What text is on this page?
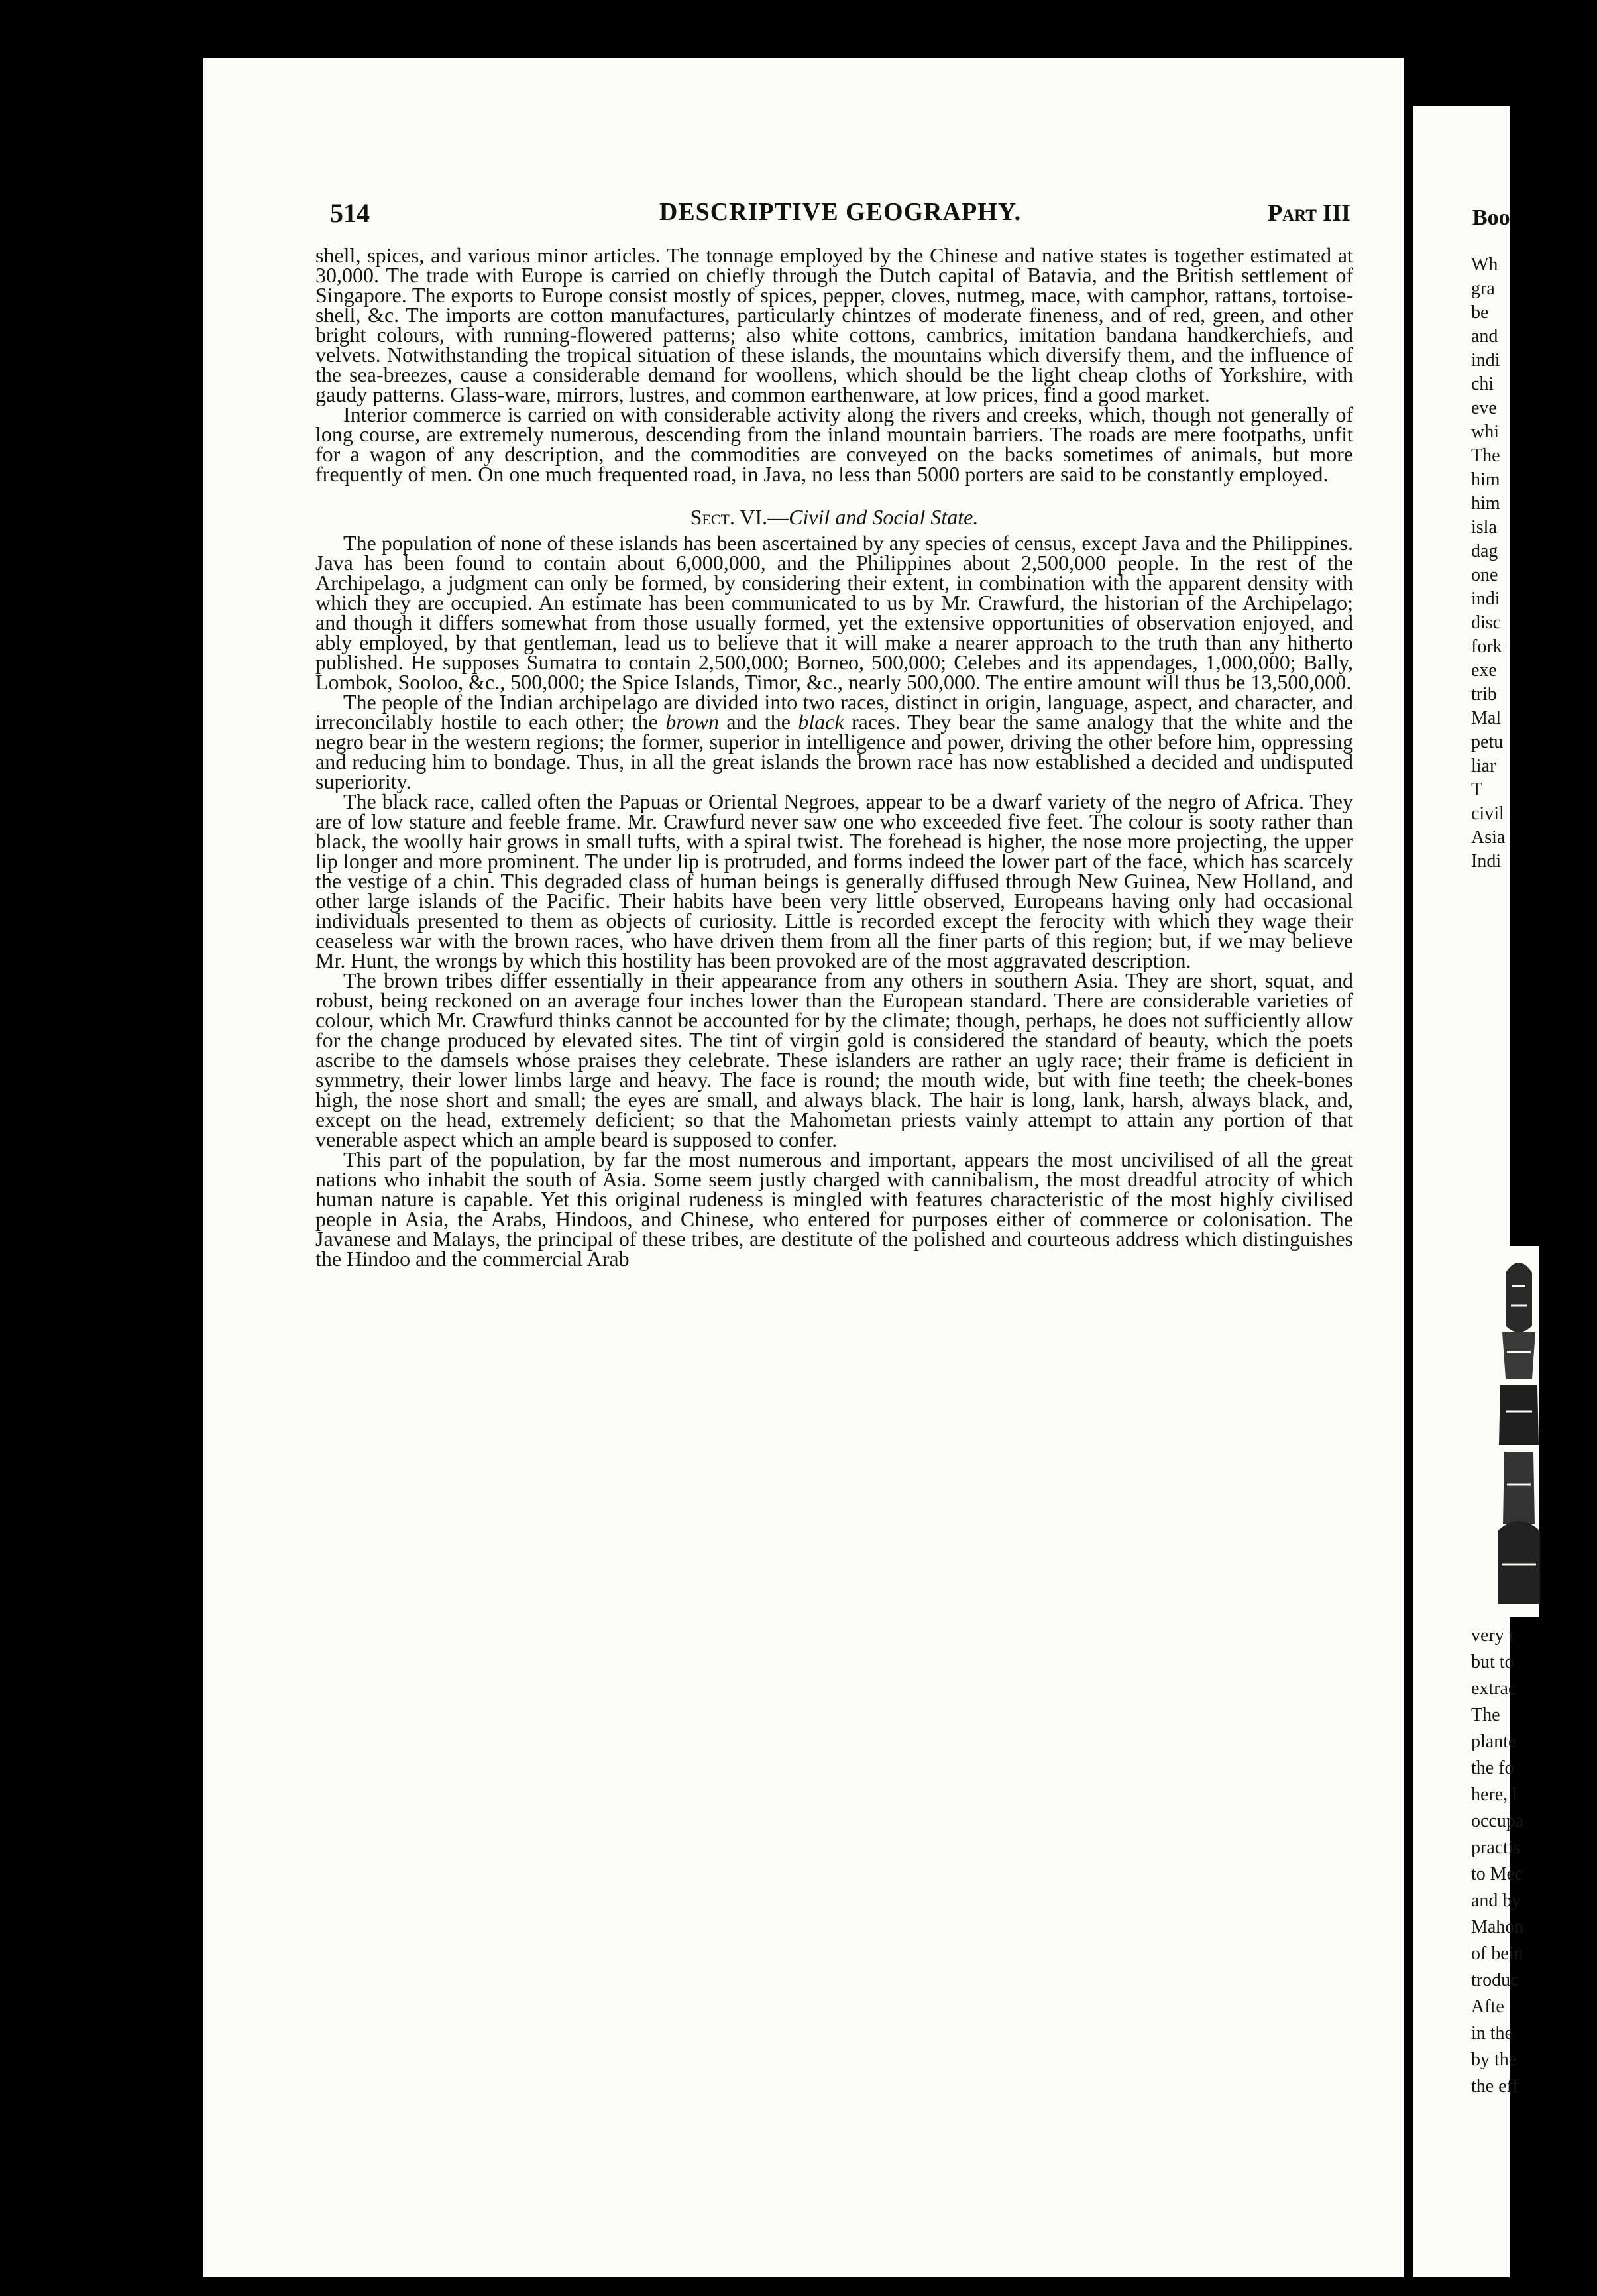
514	DESCRIPTIVE GEOGRAPHY.	Part III

shell, spices, and various minor articles. The tonnage employed by the Chinese and native states is together estimated at 30,000. The trade with Europe is carried on chiefly through the Dutch capital of Batavia, and the British settlement of Singapore. The exports to Europe consist mostly of spices, pepper, cloves, nutmeg, mace, with camphor, rattans, tortoise-shell, &c. The imports are cotton manufactures, particularly chintzes of moderate fineness, and of red, green, and other bright colours, with running-flowered patterns; also white cottons, cambrics, imitation bandana handkerchiefs, and velvets. Notwithstanding the tropical situation of these islands, the mountains which diversify them, and the influence of the sea-breezes, cause a considerable demand for woollens, which should be the light cheap cloths of Yorkshire, with gaudy patterns. Glass-ware, mirrors, lustres, and common earthenware, at low prices, find a good market.

Interior commerce is carried on with considerable activity along the rivers and creeks, which, though not generally of long course, are extremely numerous, descending from the inland mountain barriers. The roads are mere footpaths, unfit for a wagon of any description, and the commodities are conveyed on the backs sometimes of animals, but more frequently of men. On one much frequented road, in Java, no less than 5000 porters are said to be constantly employed.

Sect. VI.—Civil and Social State.

The population of none of these islands has been ascertained by any species of census, except Java and the Philippines. Java has been found to contain about 6,000,000, and the Philippines about 2,500,000 people. In the rest of the Archipelago, a judgment can only be formed, by considering their extent, in combination with the apparent density with which they are occupied. An estimate has been communicated to us by Mr. Crawfurd, the historian of the Archipelago; and though it differs somewhat from those usually formed, yet the extensive opportunities of observation enjoyed, and ably employed, by that gentleman, lead us to believe that it will make a nearer approach to the truth than any hitherto published. He supposes Sumatra to contain 2,500,000; Borneo, 500,000; Celebes and its appendages, 1,000,000; Bally, Lombok, Sooloo, &c., 500,000; the Spice Islands, Timor, &c., nearly 500,000. The entire amount will thus be 13,500,000.

The people of the Indian archipelago are divided into two races, distinct in origin, language, aspect, and character, and irreconcilably hostile to each other; the brown and the black races. They bear the same analogy that the white and the negro bear in the western regions; the former, superior in intelligence and power, driving the other before him, oppressing and reducing him to bondage. Thus, in all the great islands the brown race has now established a decided and undisputed superiority.

The black race, called often the Papuas or Oriental Negroes, appear to be a dwarf variety of the negro of Africa. They are of low stature and feeble frame. Mr. Crawfurd never saw one who exceeded five feet. The colour is sooty rather than black, the woolly hair grows in small tufts, with a spiral twist. The forehead is higher, the nose more projecting, the upper lip longer and more prominent. The under lip is protruded, and forms indeed the lower part of the face, which has scarcely the vestige of a chin. This degraded class of human beings is generally diffused through New Guinea, New Holland, and other large islands of the Pacific. Their habits have been very little observed, Europeans having only had occasional individuals presented to them as objects of curiosity. Little is recorded except the ferocity with which they wage their ceaseless war with the brown races, who have driven them from all the finer parts of this region; but, if we may believe Mr. Hunt, the wrongs by which this hostility has been provoked are of the most aggravated description.

The brown tribes differ essentially in their appearance from any others in southern Asia. They are short, squat, and robust, being reckoned on an average four inches lower than the European standard. There are considerable varieties of colour, which Mr. Crawfurd thinks cannot be accounted for by the climate; though, perhaps, he does not sufficiently allow for the change produced by elevated sites. The tint of virgin gold is considered the standard of beauty, which the poets ascribe to the damsels whose praises they celebrate. These islanders are rather an ugly race; their frame is deficient in symmetry, their lower limbs large and heavy. The face is round; the mouth wide, but with fine teeth; the cheek-bones high, the nose short and small; the eyes are small, and always black. The hair is long, lank, harsh, always black, and, except on the head, extremely deficient; so that the Mahometan priests vainly attempt to attain any portion of that venerable aspect which an ample beard is supposed to confer.

This part of the population, by far the most numerous and important, appears the most uncivilised of all the great nations who inhabit the south of Asia. Some seem justly charged with cannibalism, the most dreadful atrocity of which human nature is capable. Yet this original rudeness is mingled with features characteristic of the most highly civilised people in Asia, the Arabs, Hindoos, and Chinese, who entered for purposes either of commerce or colonisation. The Javanese and Malays, the principal of these tribes, are destitute of the polished and courteous address which distinguishes the Hindoo and the commercial Arab

Boo
Wh
gra
be
and
indi
chi
eve
whi
The
him
him
isla
dag
one
indi
disc
fork
exe
trib
Mal
petu
liar
T
civil
Asia
Indi
very t
but to
extrac
The
plante
the fo
here, l
occupa
practis
to Mec
and by
Mahon
of bein
troduc
Afte
in the
by the
the eff
